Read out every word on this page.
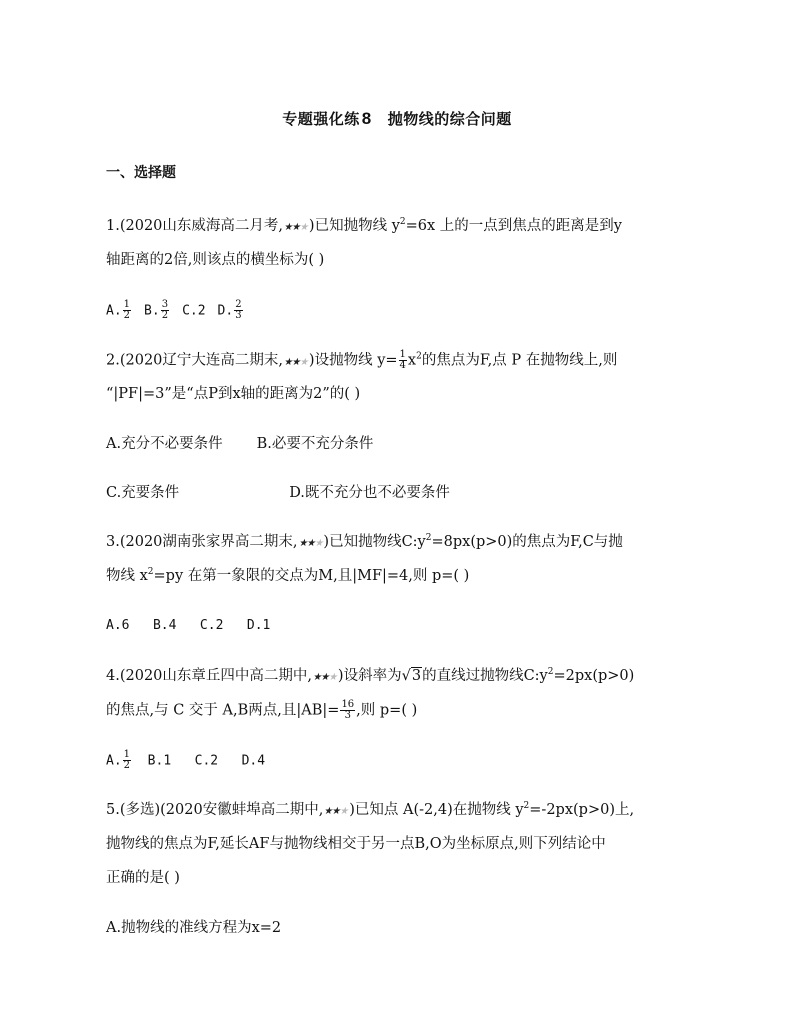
专题强化练 8 抛物线的综合问题
一、选择题
1.(2020山东威海高二月考,★★★)已知抛物线 $y^2=6x$ 上的一点到焦点的距离是到y
轴距离的2倍,则该点的横坐标为( )
A. $\frac{1}{2} B$. $\frac{3}{2} C.2$ D. $\frac{2}{3}$
2.(2020辽宁大连高二期末,★★★)设抛物线 $y= \frac{1}{4} x^2$的焦点为F,点 P 在抛物线上,则
“|PF|=3”是“点P到x轴的距离为2”的( )
A.充分不必要条件 B.必要不充分条件
C.充要条件	D.既不充分也不必要条件
3.(2020湖南张家界高二期末,★★★)已知抛物线$C:y^2=8px(p>0)$的焦点为F,C与抛
物线 $x^2=py$ 在第一象限的交点为M,且|MF|=4,则 p=( )
A.6   B.4   C.2   D.1
4.(2020山东章丘四中高二期中,★★★)设斜率为√3的直线过抛物线$C:y^2=2px(p>0)$
的焦点,与 C 交于 A,B两点,且$|AB|= \frac{16}{3}$ ,则 p=( )
A. $\frac{1}{2} B.1$   C.2   D.4
5.(多选)(2020安徽蚌埠高二期中,★★★)已知点 A(-2,4)在抛物线 $y^2=-2px(p>0)$上,
抛物线的焦点为F,延长AF与抛物线相交于另一点B,O为坐标原点,则下列结论中
正确的是( )
A.抛物线的准线方程为x=2
